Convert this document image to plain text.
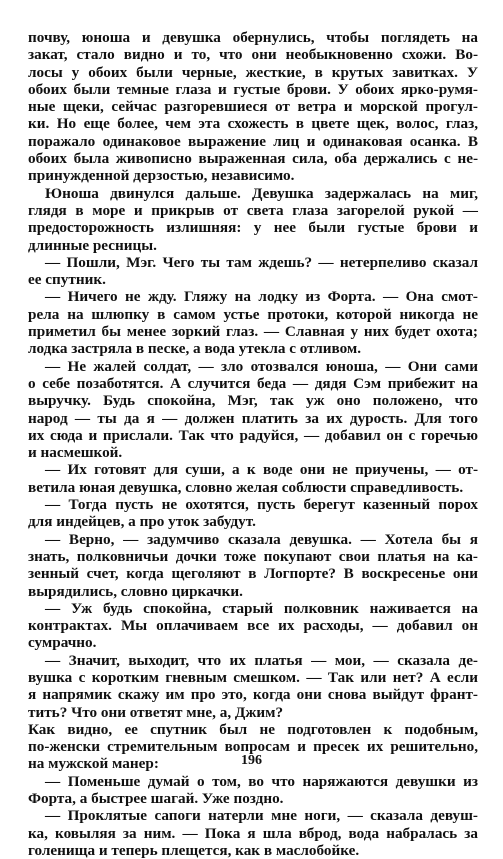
почву, юноша и девушка обернулись, чтобы поглядеть на
закат, стало видно и то, что они необыкновенно схожи. Во-
лосы у обоих были черные, жесткие, в крутых завитках. У
обоих были темные глаза и густые брови. У обоих ярко-румя-
ные щеки, сейчас разгоревшиеся от ветра и морской прогул-
ки. Но еще более, чем эта схожесть в цвете щек, волос, глаз,
поражало одинаковое выражение лиц и одинаковая осанка. В
обоих была живописно выраженная сила, оба держались с не-
принужденной дерзостью, независимо.
Юноша двинулся дальше. Девушка задержалась на миг,
глядя в море и прикрыв от света глаза загорелой рукой —
предосторожность излишняя: у нее были густые брови и
длинные ресницы.
— Пошли, Мэг. Чего ты там ждешь? — нетерпеливо сказал
ее спутник.
— Ничего не жду. Гляжу на лодку из Форта. — Она смот-
рела на шлюпку в самом устье протоки, которой никогда не
приметил бы менее зоркий глаз. — Славная у них будет охота;
лодка застряла в песке, а вода утекла с отливом.
— Не жалей солдат, — зло отозвался юноша, — Они сами
о себе позаботятся. А случится беда — дядя Сэм прибежит на
выручку. Будь спокойна, Мэг, так уж оно положено, что
народ — ты да я — должен платить за их дурость. Для того
их сюда и прислали. Так что радуйся, — добавил он с горечью
и насмешкой.
— Их готовят для суши, а к воде они не приучены, — от-
ветила юная девушка, словно желая соблюсти справедливость.
— Тогда пусть не охотятся, пусть берегут казенный порох
для индейцев, а про уток забудут.
— Верно, — задумчиво сказала девушка. — Хотела бы я
знать, полковничьи дочки тоже покупают свои платья на ка-
зенный счет, когда щеголяют в Логпорте? В воскресенье они
вырядились, словно циркачки.
— Уж будь спокойна, старый полковник наживается на
контрактах. Мы оплачиваем все их расходы, — добавил он
сумрачно.
— Значит, выходит, что их платья — мои, — сказала де-
вушка с коротким гневным смешком. — Так или нет? А если
я напрямик скажу им про это, когда они снова выйдут франт-
тить? Что они ответят мне, а, Джим?
Как видно, ее спутник был не подготовлен к подобным,
по-женски стремительным вопросам и пресек их решительно,
на мужской манер:
— Поменьше думай о том, во что наряжаются девушки из
Форта, а быстрее шагай. Уже поздно.
— Проклятые сапоги натерли мне ноги, — сказала девуш-
ка, ковыляя за ним. — Пока я шла вброд, вода набралась за
голенища и теперь плещется, как в маслобойке.
196
